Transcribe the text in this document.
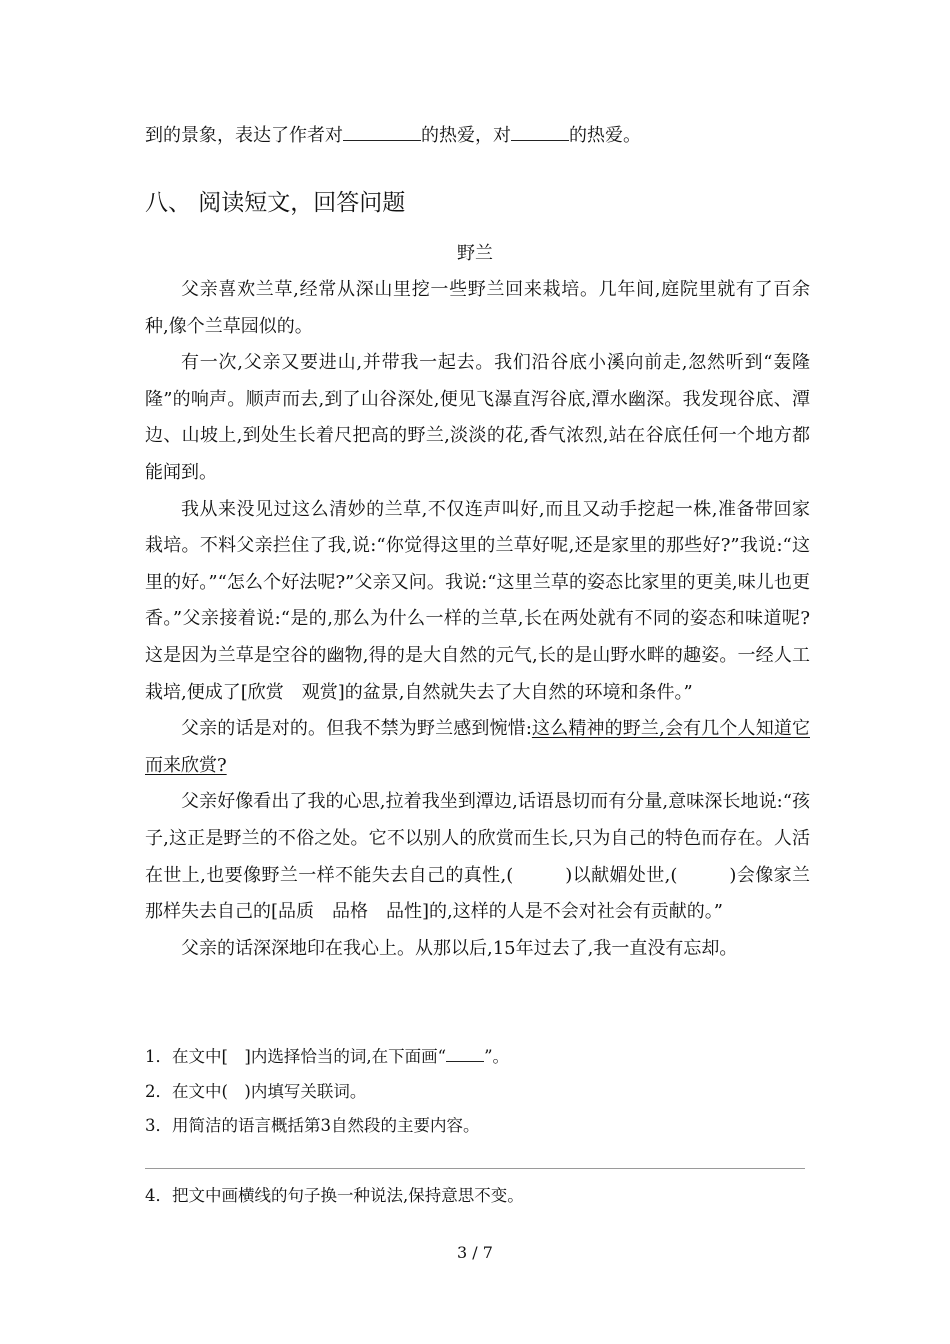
到的景象，表达了作者对	的热爱，对	的热爱。
八、 阅读短文，回答问题
野兰

父亲喜欢兰草,经常从深山里挖一些野兰回来栽培。几年间,庭院里就有了百余种,像个兰草园似的。

有一次,父亲又要进山,并带我一起去。我们沿谷底小溪向前走,忽然听到“轰隆隆”的响声。顺声而去,到了山谷深处,便见飞瀑直泻谷底,潭水幽深。我发现谷底、潭边、山坡上,到处生长着尺把高的野兰,淡淡的花,香气浓烈,站在谷底任何一个地方都能闻到。

我从来没见过这么清妙的兰草,不仅连声叫好,而且又动手挖起一株,准备带回家栽培。不料父亲拦住了我,说:“你觉得这里的兰草好呢,还是家里的那些好?”我说:“这里的好。”“怎么个好法呢?”父亲又问。我说:“这里兰草的姿态比家里的更美,味儿也更香。”父亲接着说:“是的,那么为什么一样的兰草,长在两处就有不同的姿态和味道呢?这是因为兰草是空谷的幽物,得的是大自然的元气,长的是山野水畔的趣姿。一经人工栽培,便成了[欣赏　观赏]的盆景,自然就失去了大自然的环境和条件。”

父亲的话是对的。但我不禁为野兰感到惋惜:这么精神的野兰,会有几个人知道它而来欣赏?

父亲好像看出了我的心思,拉着我坐到潭边,话语恳切而有分量,意味深长地说:“孩子,这正是野兰的不俗之处。它不以别人的欣赏而生长,只为自己的特色而存在。人活在世上,也要像野兰一样不能失去自己的真性,(	)以献媚处世,(	)会像家兰那样失去自己的[品质　品格　品性]的,这样的人是不会对社会有贡献的。”

父亲的话深深地印在我心上。从那以后,15年过去了,我一直没有忘却。

1．在文中[　]内选择恰当的词,在下面画“ ”。
2．在文中(　)内填写关联词。
3．用简洁的语言概括第3自然段的主要内容。
4．把文中画横线的句子换一种说法,保持意思不变。
3 / 7
